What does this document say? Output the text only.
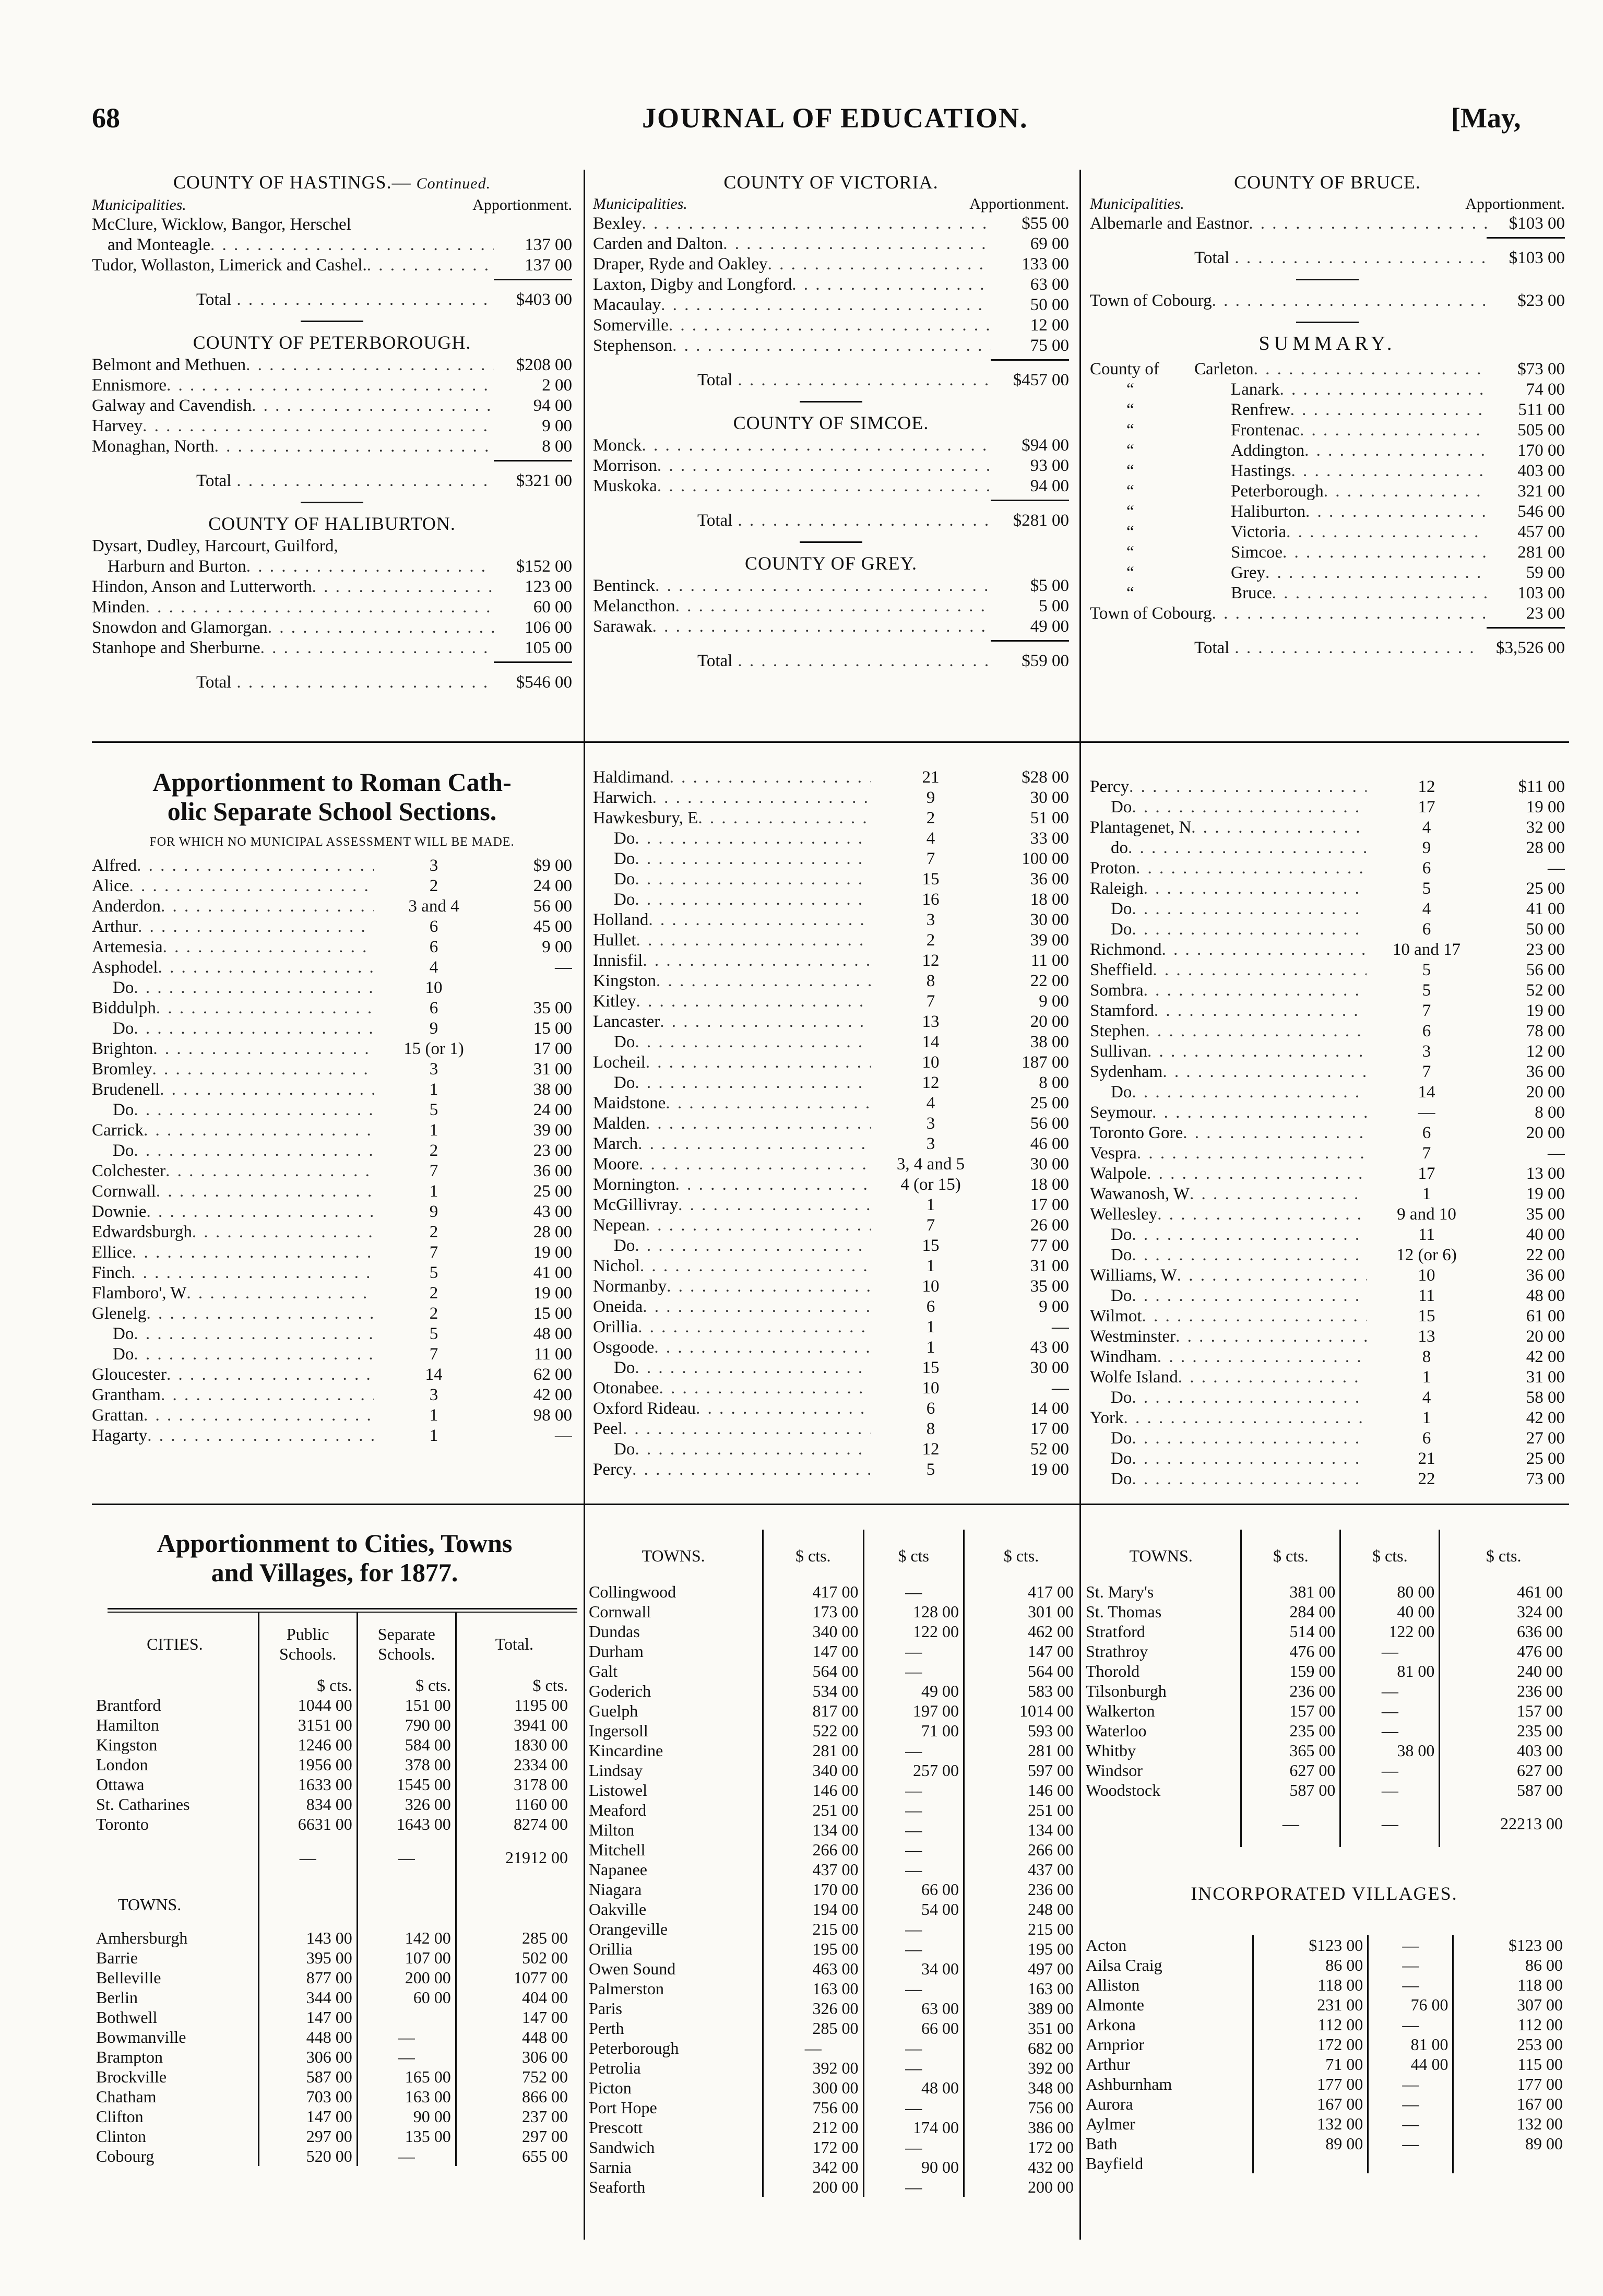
68	JOURNAL OF EDUCATION.	[May,
COUNTY OF HASTINGS.— Continued.
Municipalities.	Apportionment.
McClure, Wicklow, Bangor, Herschel
and Monteagle . . .	137 00
Tudor, Wollaston, Limerick and Cashel. . . .	137 00
Total . . .	$403 00
COUNTY OF PETERBOROUGH.
Belmont and Methuen . . .	$208 00
Ennismore . . .	2 00
Galway and Cavendish . . .	94 00
Harvey . . .	9 00
Monaghan, North . . .	8 00
Total . . .	$321 00
COUNTY OF HALIBURTON.
Dysart, Dudley, Harcourt, Guilford,
Harburn and Burton . . .	$152 00
Hindon, Anson and Lutterworth . . .	123 00
Minden . . .	60 00
Snowdon and Glamorgan . . .	106 00
Stanhope and Sherburne . . .	105 00
Total . . .	$546 00
COUNTY OF VICTORIA.
Municipalities.	Apportionment.
Bexley . . .	$55 00
Carden and Dalton . . .	69 00
Draper, Ryde and Oakley . . .	133 00
Laxton, Digby and Longford . . .	63 00
Macaulay . . .	50 00
Somerville . . .	12 00
Stephenson . . .	75 00
Total . . .	$457 00
COUNTY OF SIMCOE.
Monck . . .	$94 00
Morrison . . .	93 00
Muskoka . . .	94 00
Total . . .	$281 00
COUNTY OF GREY.
Bentinck . . .	$5 00
Melancthon . . .	5 00
Sarawak . . .	49 00
Total . . .	$59 00
COUNTY OF BRUCE.
Municipalities.	Apportionment.
Albemarle and Eastnor . . .	$103 00
Total . . .	$103 00
Town of Cobourg . . .	$23 00
SUMMARY.
County of	Carleton . . .	$73 00
“	Lanark . . .	74 00
“	Renfrew . . .	511 00
“	Frontenac . . .	505 00
“	Addington . . .	170 00
“	Hastings . . .	403 00
“	Peterborough . . .	321 00
“	Haliburton . . .	546 00
“	Victoria . . .	457 00
“	Simcoe . . .	281 00
“	Grey . . .	59 00
“	Bruce . . .	103 00
Town of Cobourg . . .	23 00
Total . . .	$3,526 00
Apportionment to Roman Cath-
olic Separate School Sections.
FOR WHICH NO MUNICIPAL ASSESSMENT WILL BE MADE.
Alfred . . .	3	$9 00
Alice . . .	2	24 00
Anderdon . . .	3 and 4	56 00
Arthur . . .	6	45 00
Artemesia . . .	6	9 00
Asphodel . . .	4	—
Do . . .	10
Biddulph . . .	6	35 00
Do . . .	9	15 00
Brighton . . .	15 (or 1)	17 00
Bromley . . .	3	31 00
Brudenell . . .	1	38 00
Do . . .	5	24 00
Carrick . . .	1	39 00
Do . . .	2	23 00
Colchester . . .	7	36 00
Cornwall . . .	1	25 00
Downie . . .	9	43 00
Edwardsburgh . . .	2	28 00
Ellice . . .	7	19 00
Finch . . .	5	41 00
Flamboro', W . . .	2	19 00
Glenelg . . .	2	15 00
Do . . .	5	48 00
Do . . .	7	11 00
Gloucester . . .	14	62 00
Grantham . . .	3	42 00
Grattan . . .	1	98 00
Hagarty . . .	1	—
Haldimand . . .	21	$28 00
Harwich . . .	9	30 00
Hawkesbury, E . . .	2	51 00
Do . . .	4	33 00
Do . . .	7	100 00
Do . . .	15	36 00
Do . . .	16	18 00
Holland . . .	3	30 00
Hullet . . .	2	39 00
Innisfil . . .	12	11 00
Kingston . . .	8	22 00
Kitley . . .	7	9 00
Lancaster . . .	13	20 00
Do . . .	14	38 00
Locheil . . .	10	187 00
Do . . .	12	8 00
Maidstone . . .	4	25 00
Malden . . .	3	56 00
March . . .	3	46 00
Moore . . .	3, 4 and 5	30 00
Mornington . . .	4 (or 15)	18 00
McGillivray . . .	1	17 00
Nepean . . .	7	26 00
Do . . .	15	77 00
Nichol . . .	1	31 00
Normanby . . .	10	35 00
Oneida . . .	6	9 00
Orillia . . .	1	—
Osgoode . . .	1	43 00
Do . . .	15	30 00
Otonabee . . .	10	—
Oxford Rideau . . .	6	14 00
Peel . . .	8	17 00
Do . . .	12	52 00
Percy . . .	5	19 00
Percy . . .	12	$11 00
Do . . .	17	19 00
Plantagenet, N . . .	4	32 00
do . . .	9	28 00
Proton . . .	6	—
Raleigh . . .	5	25 00
Do . . .	4	41 00
Do . . .	6	50 00
Richmond . . .	10 and 17	23 00
Sheffield . . .	5	56 00
Sombra . . .	5	52 00
Stamford . . .	7	19 00
Stephen . . .	6	78 00
Sullivan . . .	3	12 00
Sydenham . . .	7	36 00
Do . . .	14	20 00
Seymour . . .	—	8 00
Toronto Gore . . .	6	20 00
Vespra . . .	7	—
Walpole . . .	17	13 00
Wawanosh, W . . .	1	19 00
Wellesley . . .	9 and 10	35 00
Do . . .	11	40 00
Do . . .	12 (or 6)	22 00
Williams, W . . .	10	36 00
Do . . .	11	48 00
Wilmot . . .	15	61 00
Westminster . . .	13	20 00
Windham . . .	8	42 00
Wolfe Island . . .	1	31 00
Do . . .	4	58 00
York . . .	1	42 00
Do . . .	6	27 00
Do . . .	21	25 00
Do . . .	22	73 00
Apportionment to Cities, Towns
and Villages, for 1877.
CITIES.	Public Schools.	Separate Schools.	Total.
	$ cts.	$ cts.	$ cts.
Brantford	1044 00	151 00	1195 00
Hamilton	3151 00	790 00	3941 00
Kingston	1246 00	584 00	1830 00
London	1956 00	378 00	2334 00
Ottawa	1633 00	1545 00	3178 00
St. Catharines	834 00	326 00	1160 00
Toronto	6631 00	1643 00	8274 00
	—	—	21912 00
TOWNS.			
Amhersburgh	143 00	142 00	285 00
Barrie	395 00	107 00	502 00
Belleville	877 00	200 00	1077 00
Berlin	344 00	60 00	404 00
Bothwell	147 00		147 00
Bowmanville	448 00	—	448 00
Brampton	306 00	—	306 00
Brockville	587 00	165 00	752 00
Chatham	703 00	163 00	866 00
Clifton	147 00	90 00	237 00
Clinton	297 00	135 00	297 00
Cobourg	520 00	—	655 00
TOWNS.	$ cts.	$ cts	$ cts.
Collingwood	417 00	—	417 00
Cornwall	173 00	128 00	301 00
Dundas	340 00	122 00	462 00
Durham	147 00	—	147 00
Galt	564 00	—	564 00
Goderich	534 00	49 00	583 00
Guelph	817 00	197 00	1014 00
Ingersoll	522 00	71 00	593 00
Kincardine	281 00	—	281 00
Lindsay	340 00	257 00	597 00
Listowel	146 00	—	146 00
Meaford	251 00	—	251 00
Milton	134 00	—	134 00
Mitchell	266 00	—	266 00
Napanee	437 00	—	437 00
Niagara	170 00	66 00	236 00
Oakville	194 00	54 00	248 00
Orangeville	215 00	—	215 00
Orillia	195 00	—	195 00
Owen Sound	463 00	34 00	497 00
Palmerston	163 00	—	163 00
Paris	326 00	63 00	389 00
Perth	285 00	66 00	351 00
Peterborough	—	—	682 00
Petrolia	392 00	—	392 00
Picton	300 00	48 00	348 00
Port Hope	756 00	—	756 00
Prescott	212 00	174 00	386 00
Sandwich	172 00	—	172 00
Sarnia	342 00	90 00	432 00
Seaforth	200 00	—	200 00
TOWNS.	$ cts.	$ cts.	$ cts.
St. Mary's	381 00	80 00	461 00
St. Thomas	284 00	40 00	324 00
Stratford	514 00	122 00	636 00
Strathroy	476 00	—	476 00
Thorold	159 00	81 00	240 00
Tilsonburgh	236 00	—	236 00
Walkerton	157 00	—	157 00
Waterloo	235 00	—	235 00
Whitby	365 00	38 00	403 00
Windsor	627 00	—	627 00
Woodstock	587 00	—	587 00
	—	—	22213 00
INCORPORATED VILLAGES.
Acton	$123 00	—	$123 00
Ailsa Craig	86 00	—	86 00
Alliston	118 00	—	118 00
Almonte	231 00	76 00	307 00
Arkona	112 00	—	112 00
Arnprior	172 00	81 00	253 00
Arthur	71 00	44 00	115 00
Ashburnham	177 00	—	177 00
Aurora	167 00	—	167 00
Aylmer	132 00	—	132 00
Bath	89 00	—	89 00
Bayfield			
